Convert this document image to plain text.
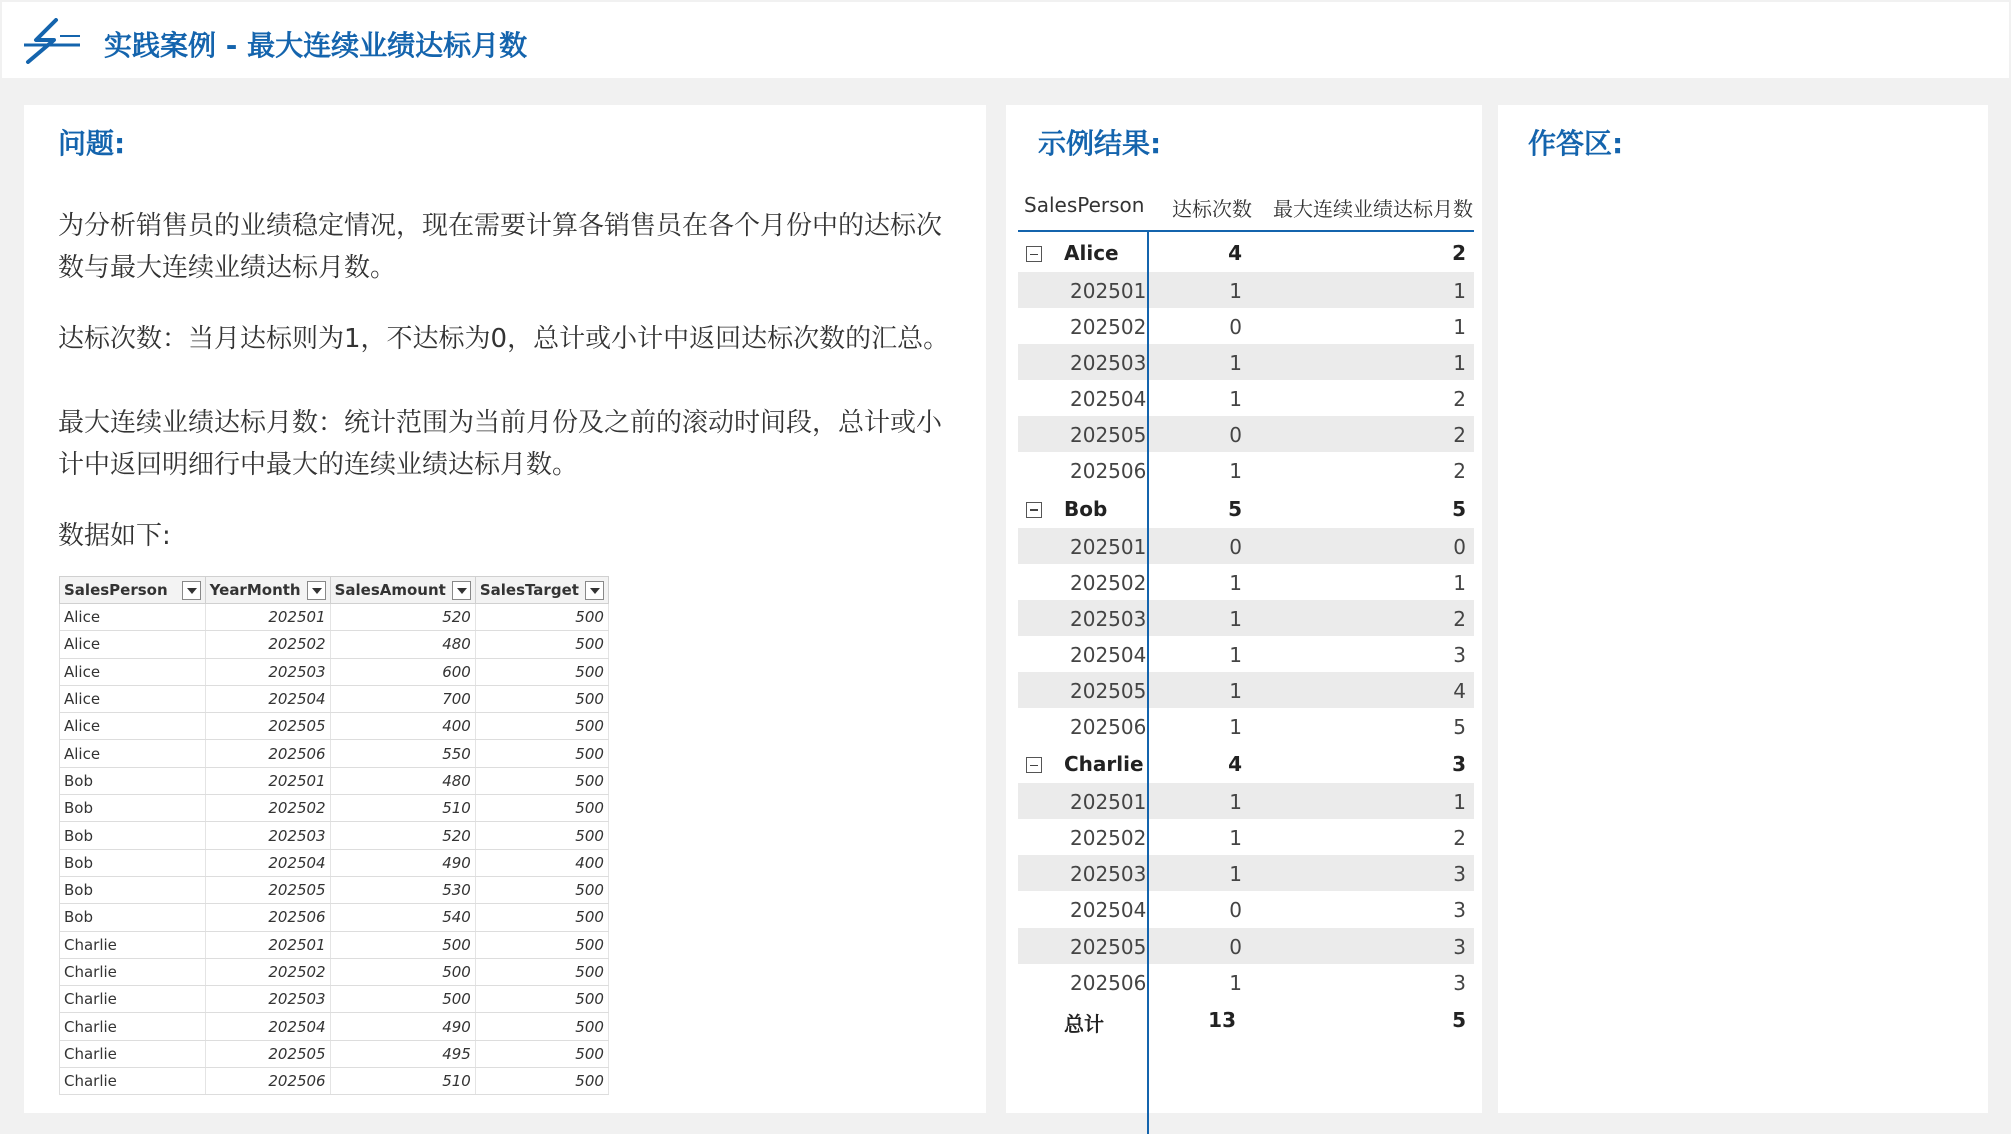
实践案例 - 最大连续业绩达标月数
问题:
为分析销售员的业绩稳定情况，现在需要计算各销售员在各个月份中的达标次数与最大连续业绩达标月数。
达标次数：当月达标则为1，不达标为0，总计或小计中返回达标次数的汇总。
最大连续业绩达标月数：统计范围为当前月份及之前的滚动时间段，总计或小计中返回明细行中最大的连续业绩达标月数。
数据如下:
SalesPerson	YearMonth	SalesAmount	SalesTarget
Alice	202501	520	500
Alice	202502	480	500
Alice	202503	600	500
Alice	202504	700	500
Alice	202505	400	500
Alice	202506	550	500
Bob	202501	480	500
Bob	202502	510	500
Bob	202503	520	500
Bob	202504	490	400
Bob	202505	530	500
Bob	202506	540	500
Charlie	202501	500	500
Charlie	202502	500	500
Charlie	202503	500	500
Charlie	202504	490	500
Charlie	202505	495	500
Charlie	202506	510	500
示例结果:
SalesPerson 达标次数 最大连续业绩达标月数
Alice	4	2
202501	1	1
202502	0	1
202503	1	1
202504	1	2
202505	0	2
202506	1	2
Bob	5	5
202501	0	0
202502	1	1
202503	1	2
202504	1	3
202505	1	4
202506	1	5
Charlie	4	3
202501	1	1
202502	1	2
202503	1	3
202504	0	3
202505	0	3
202506	1	3
总计	13	5
作答区:
